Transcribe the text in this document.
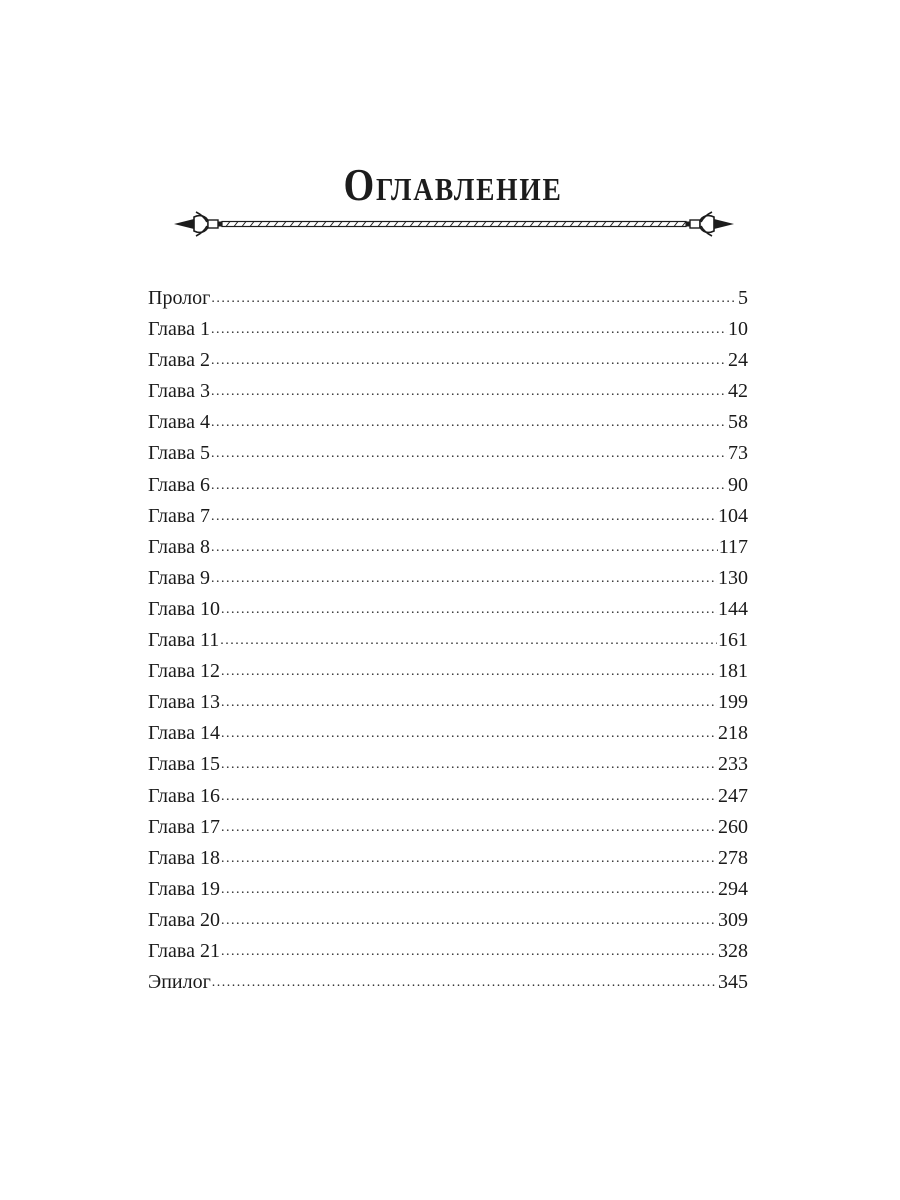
Оглавление
Пролог .....	5
Глава 1 .....	10
Глава 2 .....	24
Глава 3 .....	42
Глава 4 .....	58
Глава 5 .....	73
Глава 6 .....	90
Глава 7 .....	104
Глава 8 .....	117
Глава 9 .....	130
Глава 10 .....	144
Глава 11 .....	161
Глава 12 .....	181
Глава 13 .....	199
Глава 14 .....	218
Глава 15 .....	233
Глава 16 .....	247
Глава 17 .....	260
Глава 18 .....	278
Глава 19 .....	294
Глава 20 .....	309
Глава 21 .....	328
Эпилог .....	345
